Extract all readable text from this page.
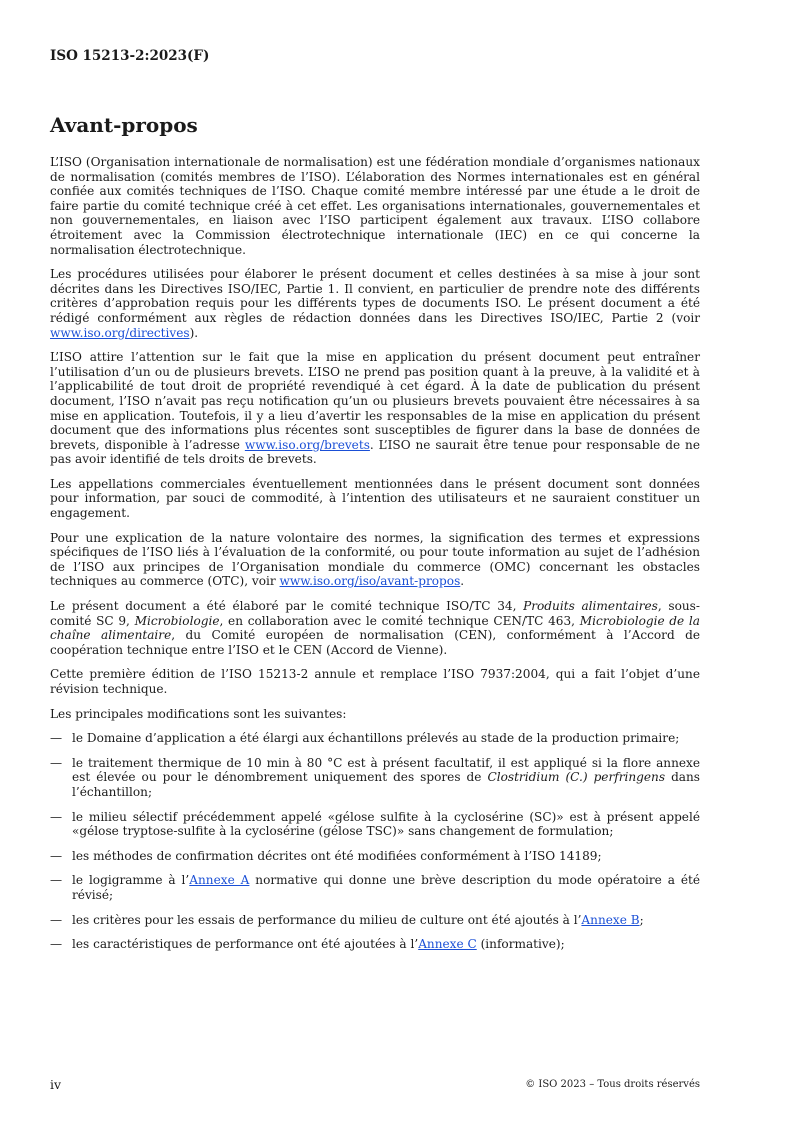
ISO 15213-2:2023(F)
Avant-propos

L’ISO (Organisation internationale de normalisation) est une fédération mondiale d’organismes nationaux de normalisation (comités membres de l’ISO). L’élaboration des Normes internationales est en général confiée aux comités techniques de l’ISO. Chaque comité membre intéressé par une étude a le droit de faire partie du comité technique créé à cet effet. Les organisations internationales, gouvernementales et non gouvernementales, en liaison avec l’ISO participent également aux travaux. L’ISO collabore étroitement avec la Commission électrotechnique internationale (IEC) en ce qui concerne la normalisation électrotechnique.

Les procédures utilisées pour élaborer le présent document et celles destinées à sa mise à jour sont décrites dans les Directives ISO/IEC, Partie 1. Il convient, en particulier de prendre note des différents critères d’approbation requis pour les différents types de documents ISO. Le présent document a été rédigé conformément aux règles de rédaction données dans les Directives ISO/IEC, Partie 2 (voir www.iso.org/directives).

L’ISO attire l’attention sur le fait que la mise en application du présent document peut entraîner l’utilisation d’un ou de plusieurs brevets. L’ISO ne prend pas position quant à la preuve, à la validité et à l’applicabilité de tout droit de propriété revendiqué à cet égard. À la date de publication du présent document, l’ISO n’avait pas reçu notification qu’un ou plusieurs brevets pouvaient être nécessaires à sa mise en application. Toutefois, il y a lieu d’avertir les responsables de la mise en application du présent document que des informations plus récentes sont susceptibles de figurer dans la base de données de brevets, disponible à l’adresse www.iso.org/brevets. L’ISO ne saurait être tenue pour responsable de ne pas avoir identifié de tels droits de brevets.

Les appellations commerciales éventuellement mentionnées dans le présent document sont données pour information, par souci de commodité, à l’intention des utilisateurs et ne sauraient constituer un engagement.

Pour une explication de la nature volontaire des normes, la signification des termes et expressions spécifiques de l’ISO liés à l’évaluation de la conformité, ou pour toute information au sujet de l’adhésion de l’ISO aux principes de l’Organisation mondiale du commerce (OMC) concernant les obstacles techniques au commerce (OTC), voir www.iso.org/iso/avant-propos.

Le présent document a été élaboré par le comité technique ISO/TC 34, Produits alimentaires, sous-comité SC 9, Microbiologie, en collaboration avec le comité technique CEN/TC 463, Microbiologie de la chaîne alimentaire, du Comité européen de normalisation (CEN), conformément à l’Accord de coopération technique entre l’ISO et le CEN (Accord de Vienne).

Cette première édition de l’ISO 15213-2 annule et remplace l’ISO 7937:2004, qui a fait l’objet d’une révision technique.

Les principales modifications sont les suivantes:

— le Domaine d’application a été élargi aux échantillons prélevés au stade de la production primaire;
— le traitement thermique de 10 min à 80 °C est à présent facultatif, il est appliqué si la flore annexe est élevée ou pour le dénombrement uniquement des spores de Clostridium (C.) perfringens dans l’échantillon;
— le milieu sélectif précédemment appelé «gélose sulfite à la cyclosérine (SC)» est à présent appelé «gélose tryptose-sulfite à la cyclosérine (gélose TSC)» sans changement de formulation;
— les méthodes de confirmation décrites ont été modifiées conformément à l’ISO 14189;
— le logigramme à l’Annexe A normative qui donne une brève description du mode opératoire a été révisé;
— les critères pour les essais de performance du milieu de culture ont été ajoutés à l’Annexe B;
— les caractéristiques de performance ont été ajoutées à l’Annexe C (informative);
iv	© ISO 2023 – Tous droits réservés
